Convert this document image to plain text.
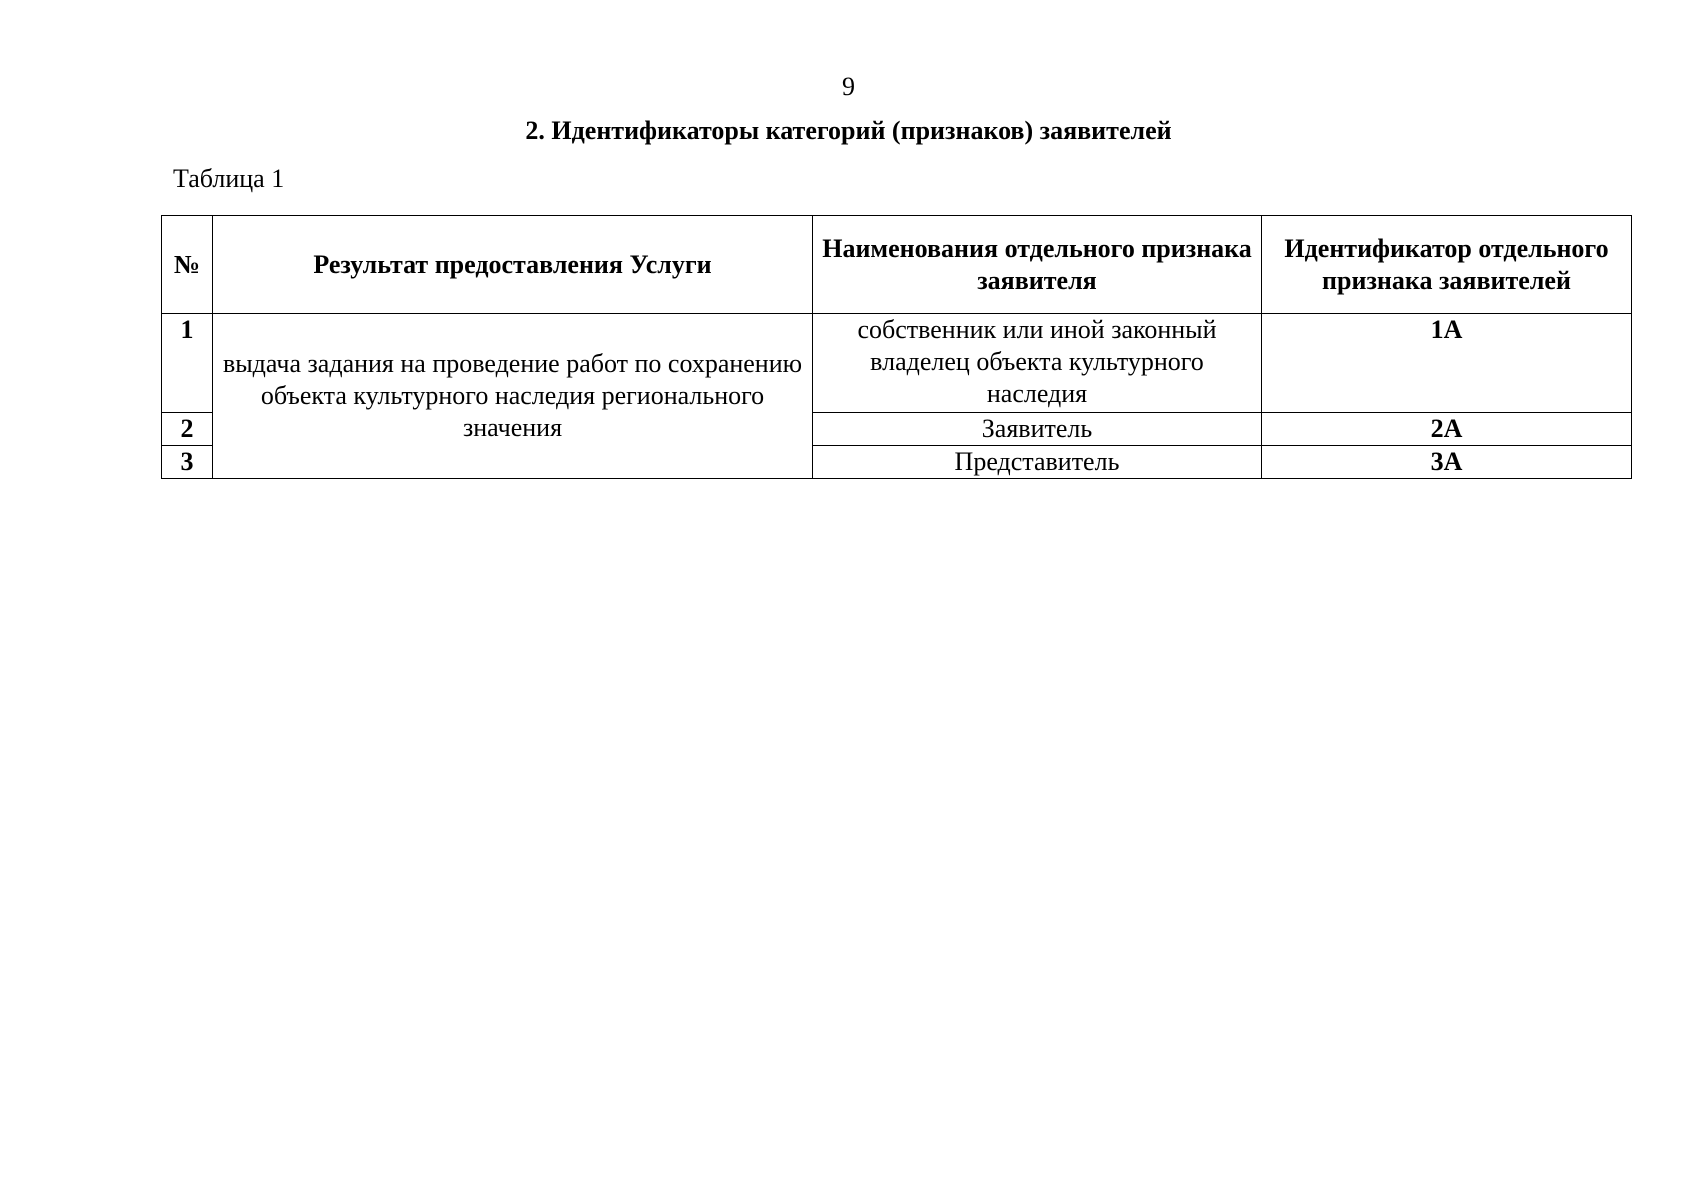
9
2. Идентификаторы категорий (признаков) заявителей
Таблица 1
№	Результат предоставления Услуги	Наименования отдельного признака заявителя	Идентификатор отдельного признака заявителей
1	выдача задания на проведение работ по сохранению объекта культурного наследия регионального значения	собственник или иной законный владелец объекта культурного наследия	1А
2		Заявитель	2А
3		Представитель	3А
